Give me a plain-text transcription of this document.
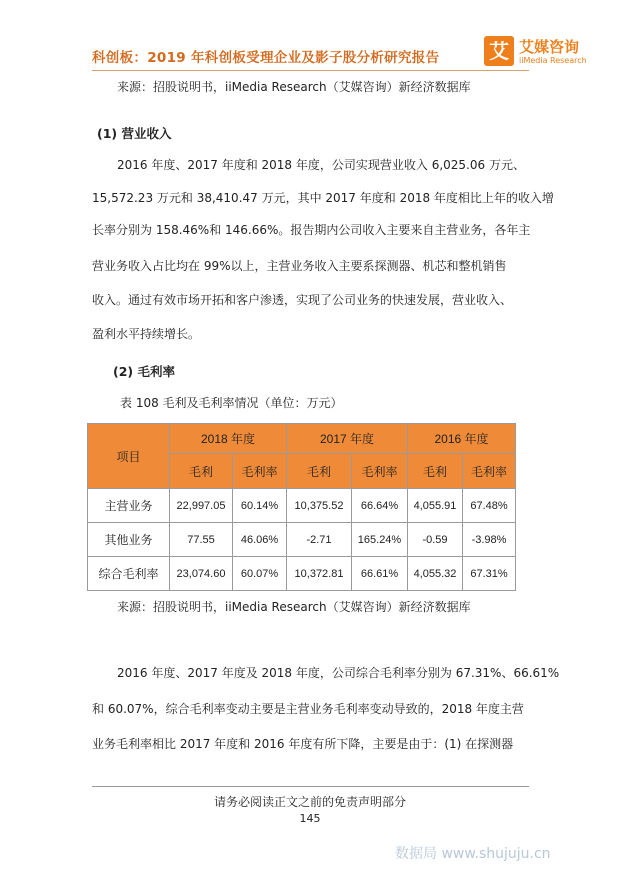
科创板：2019 年科创板受理企业及影子股分析研究报告 艾 艾媒咨询
iiMedia Research
来源：招股说明书，iiMedia Research（艾媒咨询）新经济数据库
(1) 营业收入
2016 年度、2017 年度和 2018 年度，公司实现营业收入 6,025.06 万元、
15,572.23 万元和 38,410.47 万元，其中 2017 年度和 2018 年度相比上年的收入增
长率分别为 158.46%和 146.66%。报告期内公司收入主要来自主营业务，各年主
营业务收入占比均在 99%以上，主营业务收入主要系探测器、机芯和整机销售
收入。通过有效市场开拓和客户渗透，实现了公司业务的快速发展，营业收入、
盈利水平持续增长。
(2) 毛利率
表 108 毛利及毛利率情况（单位：万元）
项目	2018 年度		2017 年度		2016 年度	
	毛利	毛利率	毛利	毛利率	毛利	毛利率
主营业务	22,997.05	60.14%	10,375.52	66.64%	4,055.91	67.48%
其他业务	77.55	46.06%	-2.71	165.24%	-0.59	-3.98%
综合毛利率	23,074.60	60.07%	10,372.81	66.61%	4,055.32	67.31%
来源：招股说明书，iiMedia Research（艾媒咨询）新经济数据库
2016 年度、2017 年度及 2018 年度，公司综合毛利率分别为 67.31%、66.61%
和 60.07%，综合毛利率变动主要是主营业务毛利率变动导致的，2018 年度主营
业务毛利率相比 2017 年度和 2016 年度有所下降，主要是由于：(1) 在探测器
请务必阅读正文之前的免责声明部分
145
数据局 www.shujuju.cn
